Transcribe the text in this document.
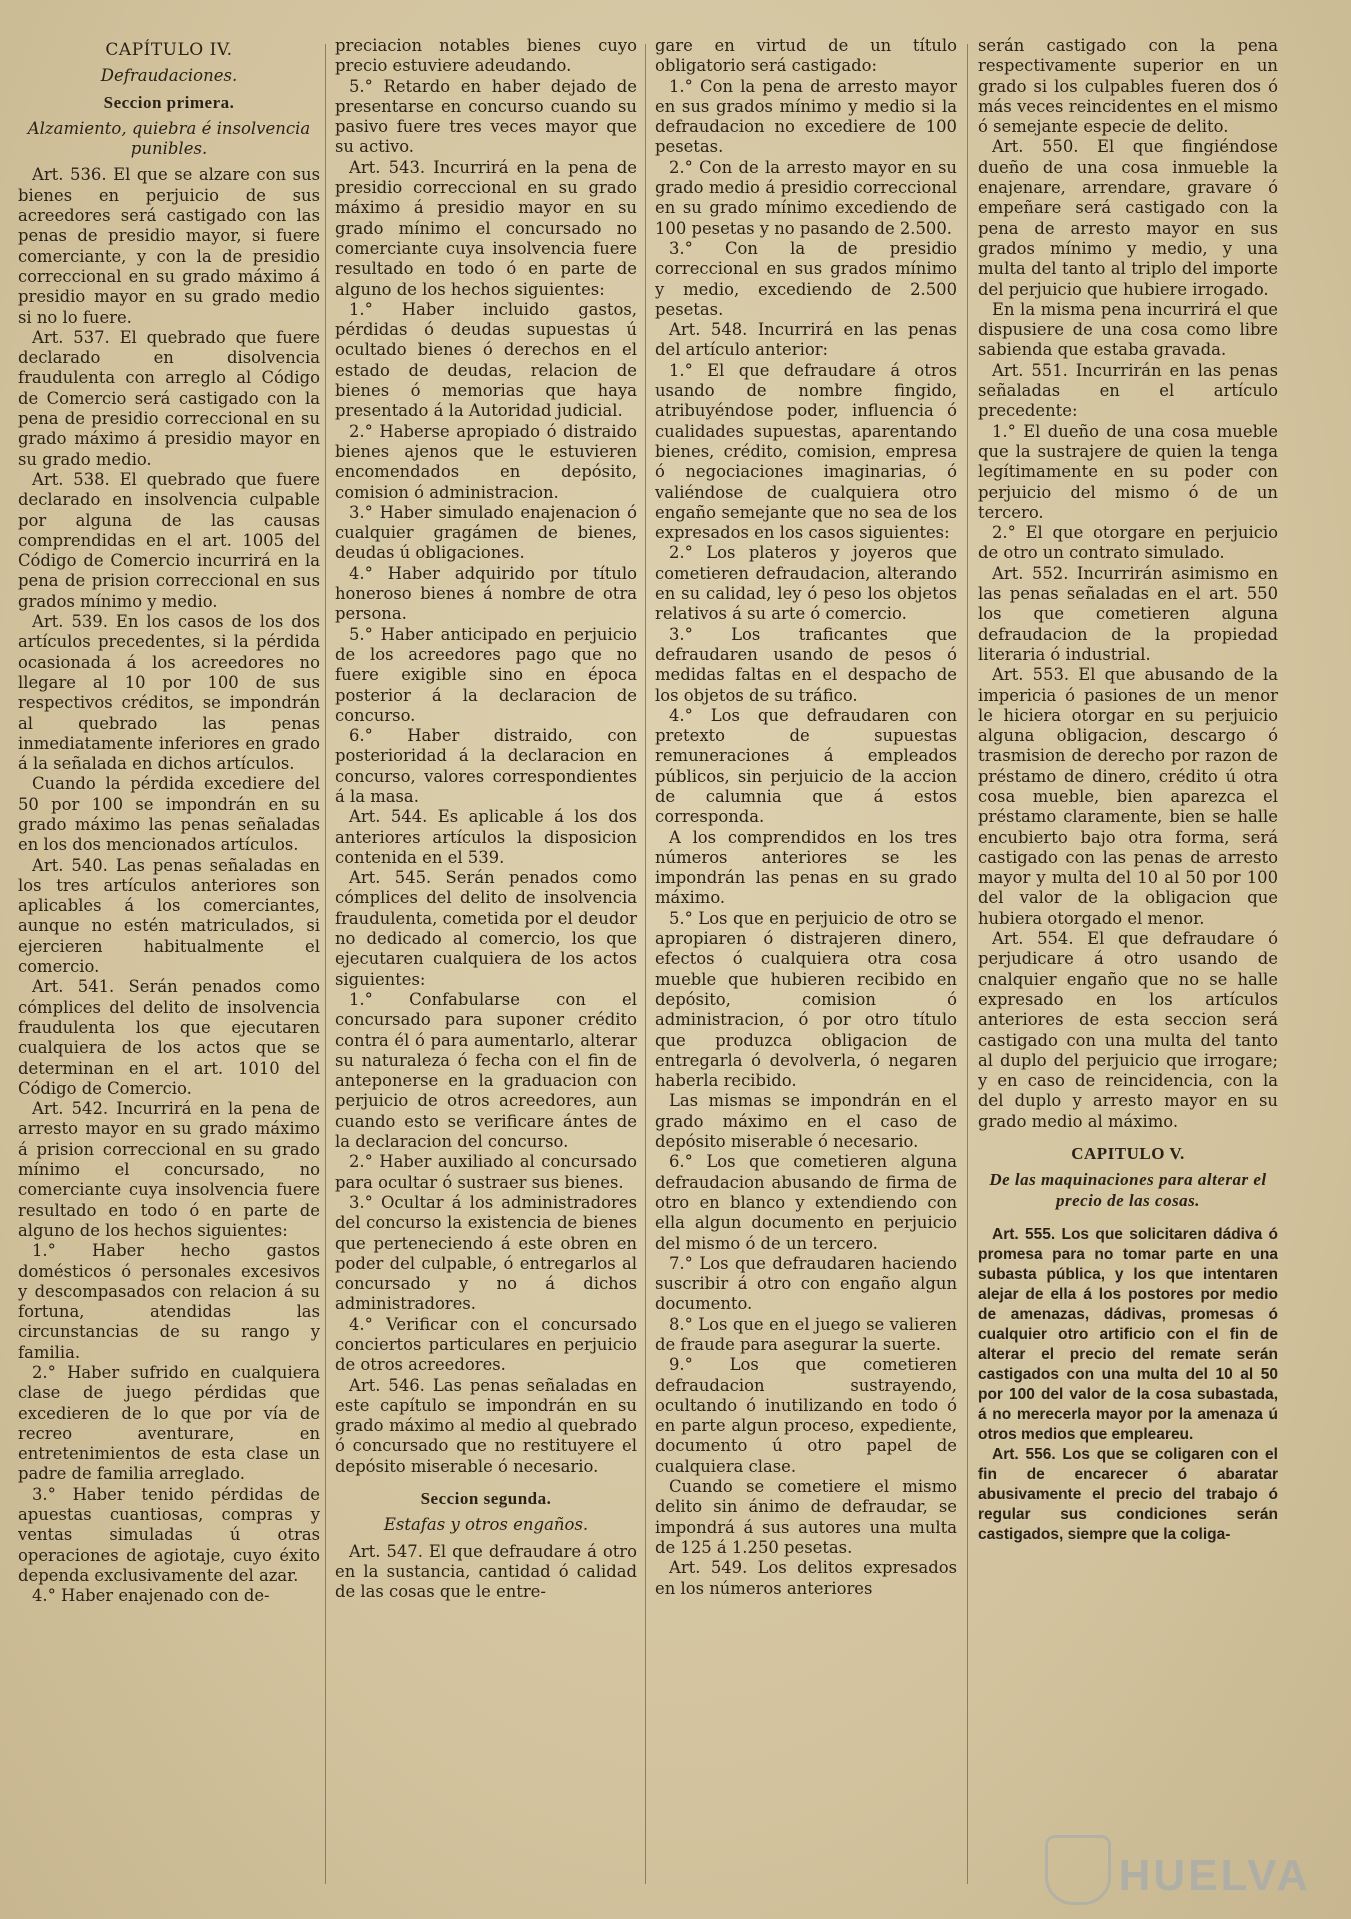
CAPÍTULO IV.
Defraudaciones.
Seccion primera.
Alzamiento, quiebra é insolvencia punibles.

Art. 536. El que se alzare con sus bienes en perjuicio de sus acreedores será castigado con las penas de presidio mayor, si fuere comerciante, y con la de presidio correccional en su grado máximo á presidio mayor en su grado medio si no lo fuere.

Art. 537. El quebrado que fuere declarado en disolvencia fraudulenta con arreglo al Código de Comercio será castigado con la pena de presidio correccional en su grado máximo á presidio mayor en su grado medio.

Art. 538. El quebrado que fuere declarado en insolvencia culpable por alguna de las causas comprendidas en el art. 1005 del Código de Comercio incurrirá en la pena de prision correccional en sus grados mínimo y medio.

Art. 539. En los casos de los dos artículos precedentes, si la pérdida ocasionada á los acreedores no llegare al 10 por 100 de sus respectivos créditos, se impondrán al quebrado las penas inmediatamente inferiores en grado á la señalada en dichos artículos.

Cuando la pérdida excediere del 50 por 100 se impondrán en su grado máximo las penas señaladas en los dos mencionados artículos.

Art. 540. Las penas señaladas en los tres artículos anteriores son aplicables á los comerciantes, aunque no estén matriculados, si ejercieren habitualmente el comercio.

Art. 541. Serán penados como cómplices del delito de insolvencia fraudulenta los que ejecutaren cualquiera de los actos que se determinan en el art. 1010 del Código de Comercio.

Art. 542. Incurrirá en la pena de arresto mayor en su grado máximo á prision correccional en su grado mínimo el concursado, no comerciante cuya insolvencia fuere resultado en todo ó en parte de alguno de los hechos siguientes:

1.° Haber hecho gastos domésticos ó personales excesivos y descompasados con relacion á su fortuna, atendidas las circunstancias de su rango y familia.

2.° Haber sufrido en cualquiera clase de juego pérdidas que excedieren de lo que por vía de recreo aventurare, en entretenimientos de esta clase un padre de familia arreglado.

3.° Haber tenido pérdidas de apuestas cuantiosas, compras y ventas simuladas ú otras operaciones de agiotaje, cuyo éxito dependa exclusivamente del azar.

4.° Haber enajenado con de-

preciacion notables bienes cuyo precio estuviere adeudando.

5.° Retardo en haber dejado de presentarse en concurso cuando su pasivo fuere tres veces mayor que su activo.

Art. 543. Incurrirá en la pena de presidio correccional en su grado máximo á presidio mayor en su grado mínimo el concursado no comerciante cuya insolvencia fuere resultado en todo ó en parte de alguno de los hechos siguientes:

1.° Haber incluido gastos, pérdidas ó deudas supuestas ú ocultado bienes ó derechos en el estado de deudas, relacion de bienes ó memorias que haya presentado á la Autoridad judicial.

2.° Haberse apropiado ó distraido bienes ajenos que le estuvieren encomendados en depósito, comision ó administracion.

3.° Haber simulado enajenacion ó cualquier gragámen de bienes, deudas ú obligaciones.

4.° Haber adquirido por título honeroso bienes á nombre de otra persona.

5.° Haber anticipado en perjuicio de los acreedores pago que no fuere exigible sino en época posterior á la declaracion de concurso.

6.° Haber distraido, con posterioridad á la declaracion en concurso, valores correspondientes á la masa.

Art. 544. Es aplicable á los dos anteriores artículos la disposicion contenida en el 539.

Art. 545. Serán penados como cómplices del delito de insolvencia fraudulenta, cometida por el deudor no dedicado al comercio, los que ejecutaren cualquiera de los actos siguientes:

1.° Confabularse con el concursado para suponer crédito contra él ó para aumentarlo, alterar su naturaleza ó fecha con el fin de anteponerse en la graduacion con perjuicio de otros acreedores, aun cuando esto se verificare ántes de la declaracion del concurso.

2.° Haber auxiliado al concursado para ocultar ó sustraer sus bienes.

3.° Ocultar á los administradores del concurso la existencia de bienes que perteneciendo á este obren en poder del culpable, ó entregarlos al concursado y no á dichos administradores.

4.° Verificar con el concursado conciertos particulares en perjuicio de otros acreedores.

Art. 546. Las penas señaladas en este capítulo se impondrán en su grado máximo al medio al quebrado ó concursado que no restituyere el depósito miserable ó necesario.

Seccion segunda.
Estafas y otros engaños.

Art. 547. El que defraudare á otro en la sustancia, cantidad ó calidad de las cosas que le entre-

gare en virtud de un título obligatorio será castigado:

1.° Con la pena de arresto mayor en sus grados mínimo y medio si la defraudacion no excediere de 100 pesetas.

2.° Con de la arresto mayor en su grado medio á presidio correccional en su grado mínimo excediendo de 100 pesetas y no pasando de 2.500.

3.° Con la de presidio correccional en sus grados mínimo y medio, excediendo de 2.500 pesetas.

Art. 548. Incurrirá en las penas del artículo anterior:

1.° El que defraudare á otros usando de nombre fingido, atribuyéndose poder, influencia ó cualidades supuestas, aparentando bienes, crédito, comision, empresa ó negociaciones imaginarias, ó valiéndose de cualquiera otro engaño semejante que no sea de los expresados en los casos siguientes:

2.° Los plateros y joyeros que cometieren defraudacion, alterando en su calidad, ley ó peso los objetos relativos á su arte ó comercio.

3.° Los traficantes que defraudaren usando de pesos ó medidas faltas en el despacho de los objetos de su tráfico.

4.° Los que defraudaren con pretexto de supuestas remuneraciones á empleados públicos, sin perjuicio de la accion de calumnia que á estos corresponda.

A los comprendidos en los tres números anteriores se les impondrán las penas en su grado máximo.

5.° Los que en perjuicio de otro se apropiaren ó distrajeren dinero, efectos ó cualquiera otra cosa mueble que hubieren recibido en depósito, comision ó administracion, ó por otro título que produzca obligacion de entregarla ó devolverla, ó negaren haberla recibido.

Las mismas se impondrán en el grado máximo en el caso de depósito miserable ó necesario.

6.° Los que cometieren alguna defraudacion abusando de firma de otro en blanco y extendiendo con ella algun documento en perjuicio del mismo ó de un tercero.

7.° Los que defraudaren haciendo suscribir á otro con engaño algun documento.

8.° Los que en el juego se valieren de fraude para asegurar la suerte.

9.° Los que cometieren defraudacion sustrayendo, ocultando ó inutilizando en todo ó en parte algun proceso, expediente, documento ú otro papel de cualquiera clase.

Cuando se cometiere el mismo delito sin ánimo de defraudar, se impondrá á sus autores una multa de 125 á 1.250 pesetas.

Art. 549. Los delitos expresados en los números anteriores

serán castigado con la pena respectivamente superior en un grado si los culpables fueren dos ó más veces reincidentes en el mismo ó semejante especie de delito.

Art. 550. El que fingiéndose dueño de una cosa inmueble la enajenare, arrendare, gravare ó empeñare será castigado con la pena de arresto mayor en sus grados mínimo y medio, y una multa del tanto al triplo del importe del perjuicio que hubiere irrogado.

En la misma pena incurrirá el que dispusiere de una cosa como libre sabienda que estaba gravada.

Art. 551. Incurrirán en las penas señaladas en el artículo precedente:

1.° El dueño de una cosa mueble que la sustrajere de quien la tenga legítimamente en su poder con perjuicio del mismo ó de un tercero.

2.° El que otorgare en perjuicio de otro un contrato simulado.

Art. 552. Incurrirán asimismo en las penas señaladas en el art. 550 los que cometieren alguna defraudacion de la propiedad literaria ó industrial.

Art. 553. El que abusando de la impericia ó pasiones de un menor le hiciera otorgar en su perjuicio alguna obligacion, descargo ó trasmision de derecho por razon de préstamo de dinero, crédito ú otra cosa mueble, bien aparezca el préstamo claramente, bien se halle encubierto bajo otra forma, será castigado con las penas de arresto mayor y multa del 10 al 50 por 100 del valor de la obligacion que hubiera otorgado el menor.

Art. 554. El que defraudare ó perjudicare á otro usando de cnalquier engaño que no se halle expresado en los artículos anteriores de esta seccion será castigado con una multa del tanto al duplo del perjuicio que irrogare; y en caso de reincidencia, con la del duplo y arresto mayor en su grado medio al máximo.

CAPITULO V.
De las maquinaciones para alterar el precio de las cosas.

Art. 555. Los que solicitaren dádiva ó promesa para no tomar parte en una subasta pública, y los que intentaren alejar de ella á los postores por medio de amenazas, dádivas, promesas ó cualquier otro artificio con el fin de alterar el precio del remate serán castigados con una multa del 10 al 50 por 100 del valor de la cosa subastada, á no merecerla mayor por la amenaza ú otros medios que empleareu.

Art. 556. Los que se coligaren con el fin de encarecer ó abaratar abusivamente el precio del trabajo ó regular sus condiciones serán castigados, siempre que la coliga-

HUELVA
